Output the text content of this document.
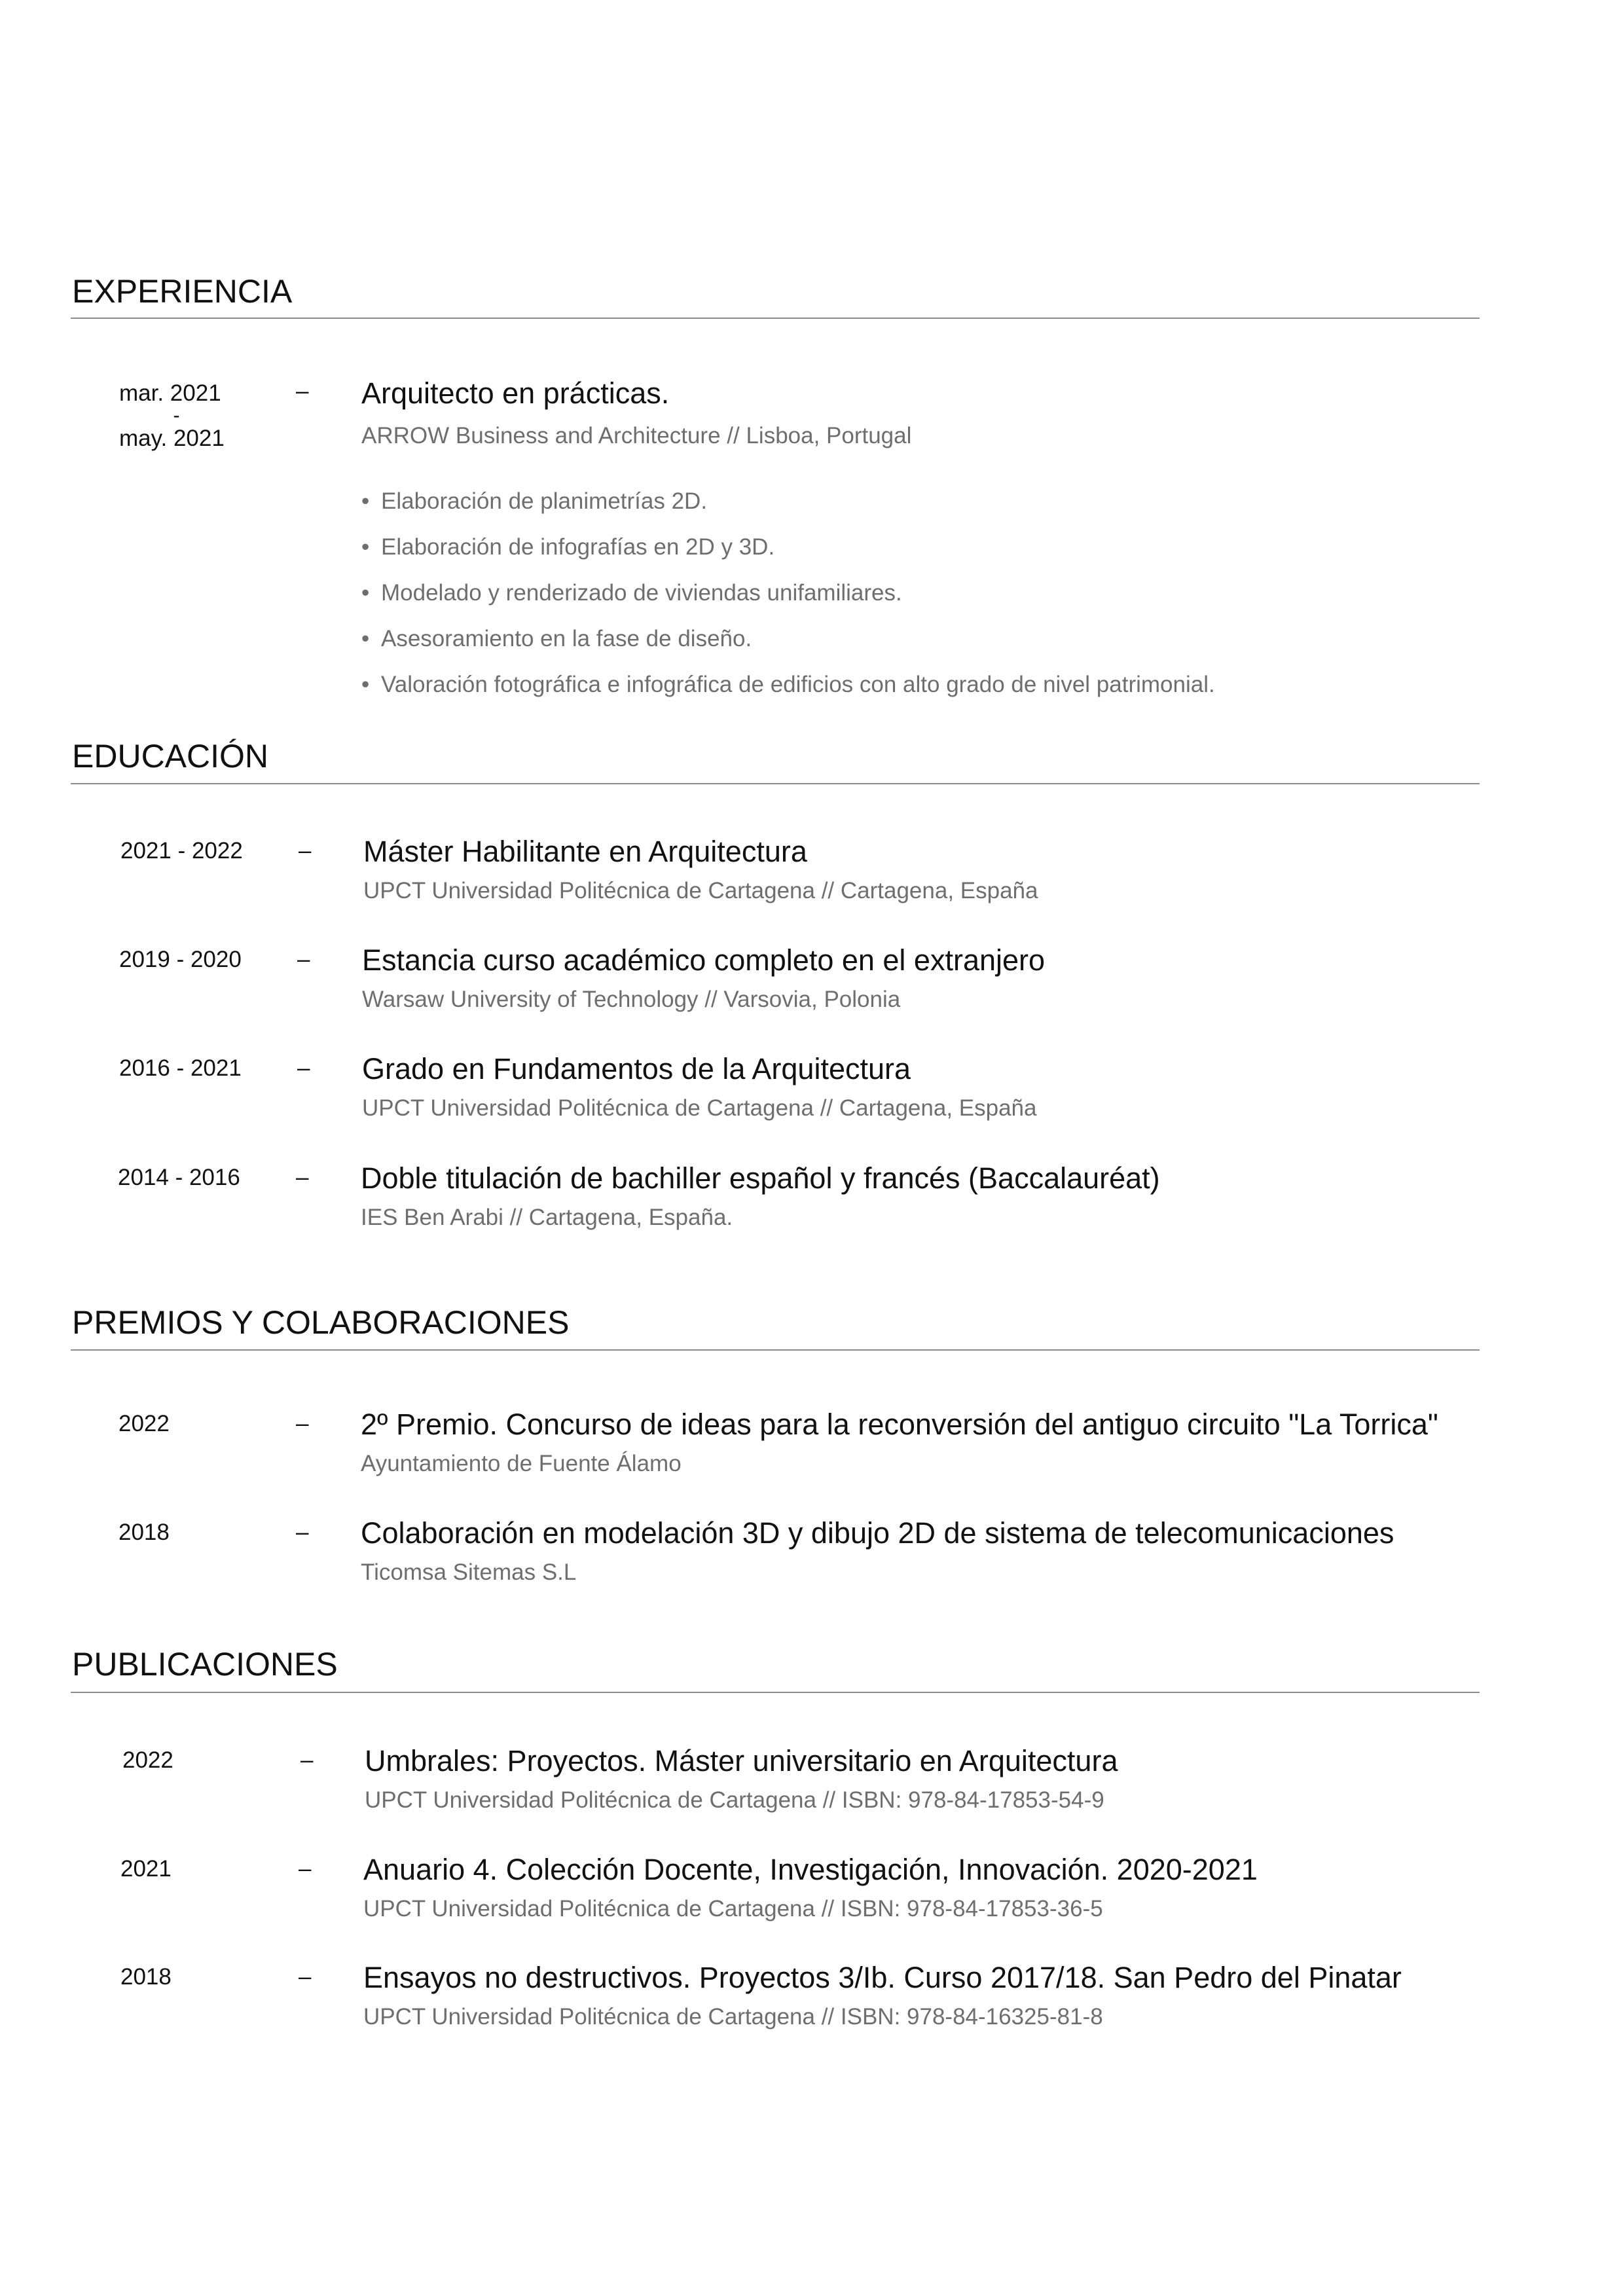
EXPERIENCIA
mar. 2021
-
may. 2021
– Arquitecto en prácticas.
ARROW Business and Architecture // Lisboa, Portugal
• Elaboración de planimetrías 2D.
• Elaboración de infografías en 2D y 3D.
• Modelado y renderizado de viviendas unifamiliares.
• Asesoramiento en la fase de diseño.
• Valoración fotográfica e infográfica de edificios con alto grado de nivel patrimonial.
EDUCACIÓN
2021 - 2022 – Máster Habilitante en Arquitectura
UPCT Universidad Politécnica de Cartagena // Cartagena, España
2019 - 2020 – Estancia curso académico completo en el extranjero
Warsaw University of Technology // Varsovia, Polonia
2016 - 2021 – Grado en Fundamentos de la Arquitectura
UPCT Universidad Politécnica de Cartagena // Cartagena, España
2014 - 2016 – Doble titulación de bachiller español y francés (Baccalauréat)
IES Ben Arabi // Cartagena, España.
PREMIOS Y COLABORACIONES
2022	– 2º Premio. Concurso de ideas para la reconversión del antiguo circuito "La Torrica"
Ayuntamiento de Fuente Álamo
2018	– Colaboración en modelación 3D y dibujo 2D de sistema de telecomunicaciones
Ticomsa Sitemas S.L
PUBLICACIONES
2022	– Umbrales: Proyectos. Máster universitario en Arquitectura
UPCT Universidad Politécnica de Cartagena // ISBN: 978-84-17853-54-9
2021	– Anuario 4. Colección Docente, Investigación, Innovación. 2020-2021
UPCT Universidad Politécnica de Cartagena // ISBN: 978-84-17853-36-5
2018	– Ensayos no destructivos. Proyectos 3/Ib. Curso 2017/18. San Pedro del Pinatar
UPCT Universidad Politécnica de Cartagena // ISBN: 978-84-16325-81-8
